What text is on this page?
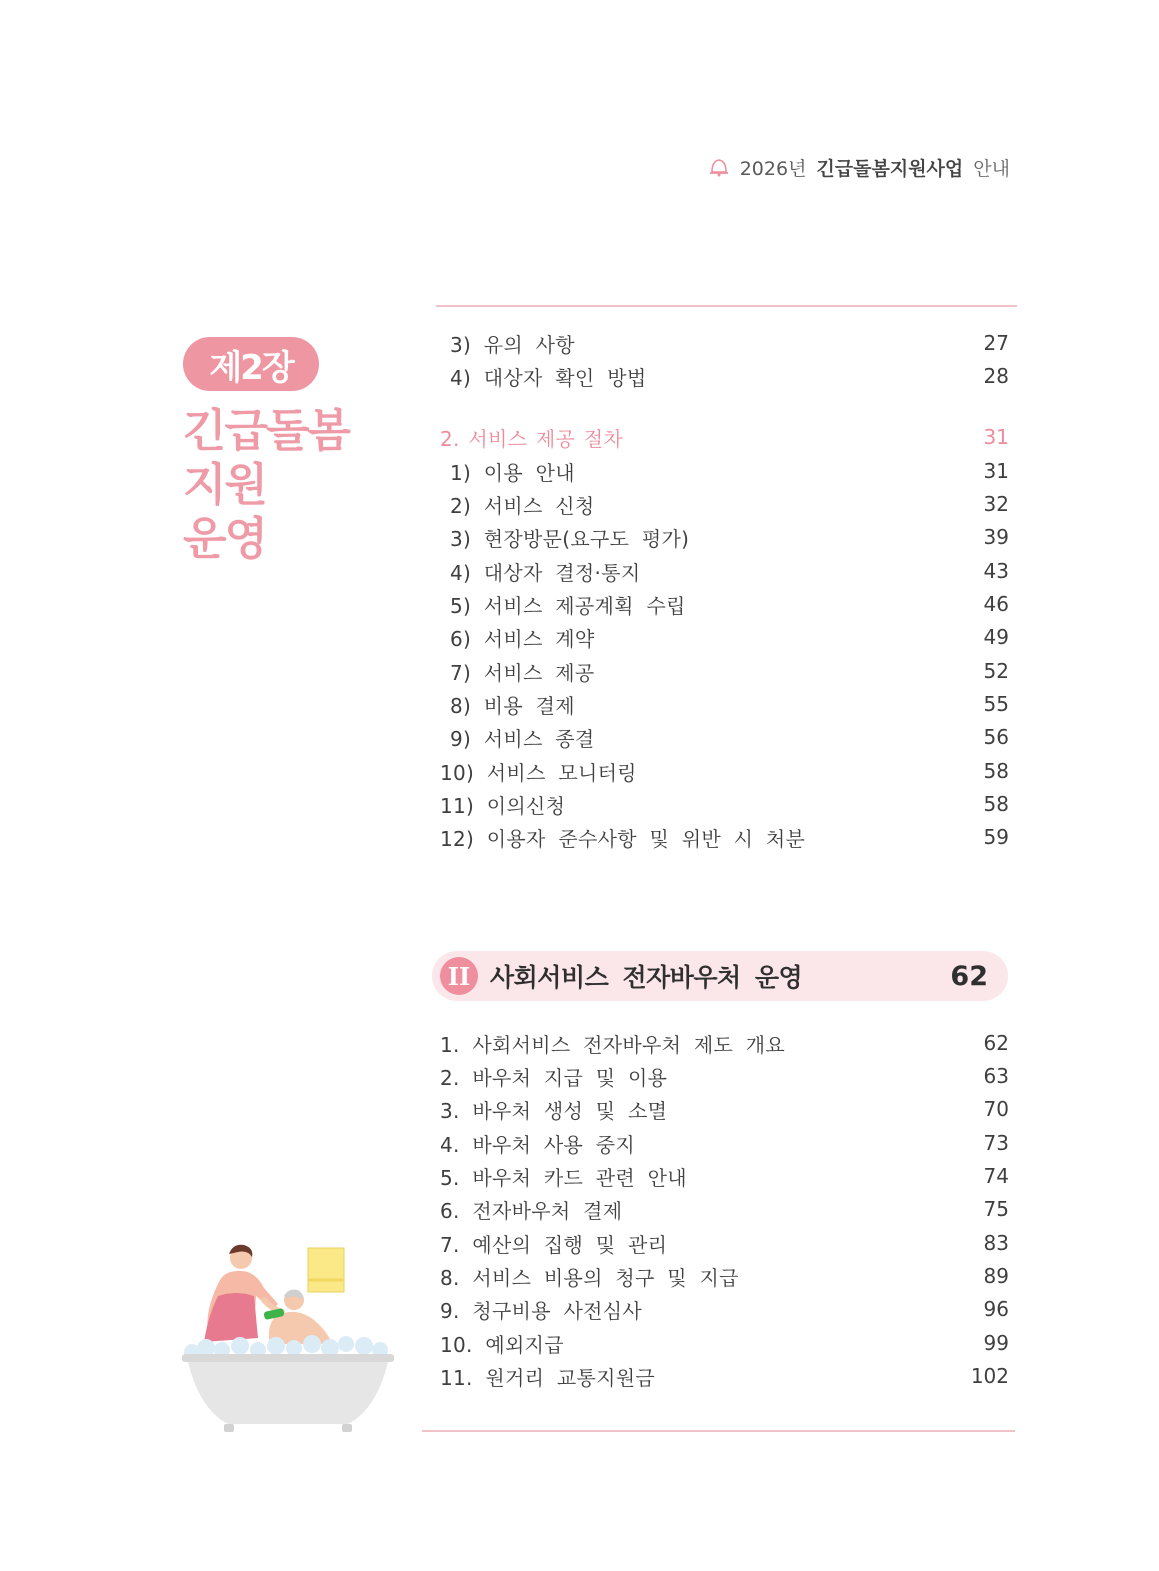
2026년 긴급돌봄지원사업 안내
제2장
긴급돌봄
지원
운영
3) 유의 사항	27
4) 대상자 확인 방법	28
2. 서비스 제공 절차	31
1) 이용 안내	31
2) 서비스 신청	32
3) 현장방문(요구도 평가)	39
4) 대상자 결정·통지	43
5) 서비스 제공계획 수립	46
6) 서비스 계약	49
7) 서비스 제공	52
8) 비용 결제	55
9) 서비스 종결	56
10) 서비스 모니터링	58
11) 이의신청	58
12) 이용자 준수사항 및 위반 시 처분	59
II 사회서비스 전자바우처 운영	62
1. 사회서비스 전자바우처 제도 개요	62
2. 바우처 지급 및 이용	63
3. 바우처 생성 및 소멸	70
4. 바우처 사용 중지	73
5. 바우처 카드 관련 안내	74
6. 전자바우처 결제	75
7. 예산의 집행 및 관리	83
8. 서비스 비용의 청구 및 지급	89
9. 청구비용 사전심사	96
10. 예외지급	99
11. 원거리 교통지원금	102
